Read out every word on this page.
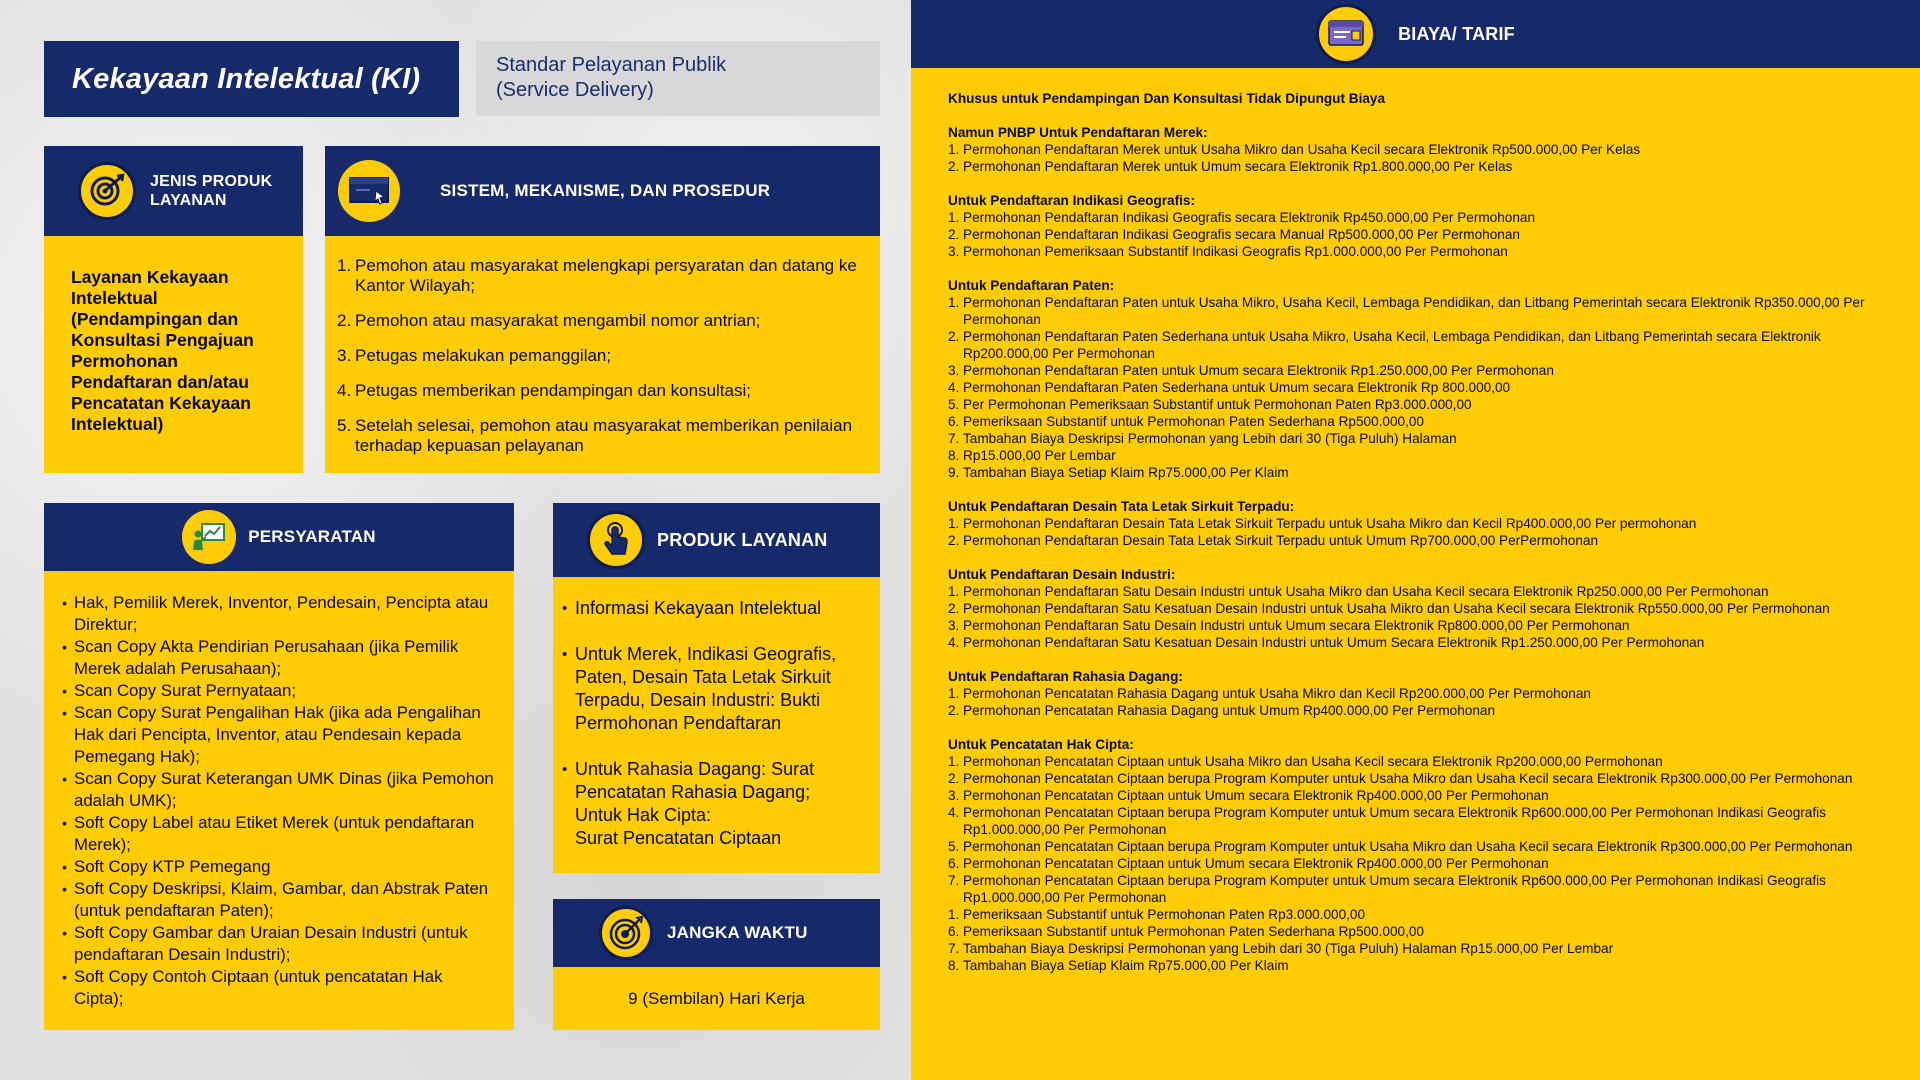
Kekayaan Intelektual (KI)	Standar Pelayanan Publik
(Service Delivery)
JENIS PRODUK
LAYANAN
Layanan Kekayaan Intelektual (Pendampingan dan Konsultasi Pengajuan Permohonan Pendaftaran dan/atau Pencatatan Kekayaan Intelektual)
SISTEM, MEKANISME, DAN PROSEDUR
1. Pemohon atau masyarakat melengkapi persyaratan dan datang ke Kantor Wilayah;
2. Pemohon atau masyarakat mengambil nomor antrian;
3. Petugas melakukan pemanggilan;
4. Petugas memberikan pendampingan dan konsultasi;
5. Setelah selesai, pemohon atau masyarakat memberikan penilaian terhadap kepuasan pelayanan
PERSYARATAN
• Hak, Pemilik Merek, Inventor, Pendesain, Pencipta atau Direktur;
• Scan Copy Akta Pendirian Perusahaan (jika Pemilik Merek adalah Perusahaan);
• Scan Copy Surat Pernyataan;
• Scan Copy Surat Pengalihan Hak (jika ada Pengalihan Hak dari Pencipta, Inventor, atau Pendesain kepada Pemegang Hak);
• Scan Copy Surat Keterangan UMK Dinas (jika Pemohon adalah UMK);
• Soft Copy Label atau Etiket Merek (untuk pendaftaran Merek);
• Soft Copy KTP Pemegang
• Soft Copy Deskripsi, Klaim, Gambar, dan Abstrak Paten (untuk pendaftaran Paten);
• Soft Copy Gambar dan Uraian Desain Industri (untuk pendaftaran Desain Industri);
• Soft Copy Contoh Ciptaan (untuk pencatatan Hak Cipta);
PRODUK LAYANAN
• Informasi Kekayaan Intelektual
• Untuk Merek, Indikasi Geografis, Paten, Desain Tata Letak Sirkuit Terpadu, Desain Industri: Bukti Permohonan Pendaftaran
• Untuk Rahasia Dagang: Surat Pencatatan Rahasia Dagang;
Untuk Hak Cipta:
Surat Pencatatan Ciptaan
JANGKA WAKTU
9 (Sembilan) Hari Kerja
BIAYA/ TARIF
Khusus untuk Pendampingan Dan Konsultasi Tidak Dipungut Biaya
Namun PNBP Untuk Pendaftaran Merek:
1. Permohonan Pendaftaran Merek untuk Usaha Mikro dan Usaha Kecil secara Elektronik Rp500.000,00 Per Kelas
2. Permohonan Pendaftaran Merek untuk Umum secara Elektronik Rp1.800.000,00 Per Kelas
Untuk Pendaftaran Indikasi Geografis:
1. Permohonan Pendaftaran Indikasi Geografis secara Elektronik Rp450.000,00 Per Permohonan
2. Permohonan Pendaftaran Indikasi Geografis secara Manual Rp500.000,00 Per Permohonan
3. Permohonan Pemeriksaan Substantif Indikasi Geografis Rp1.000.000,00 Per Permohonan
Untuk Pendaftaran Paten:
1. Permohonan Pendaftaran Paten untuk Usaha Mikro, Usaha Kecil, Lembaga Pendidikan, dan Litbang Pemerintah secara Elektronik Rp350.000,00 Per Permohonan
2. Permohonan Pendaftaran Paten Sederhana untuk Usaha Mikro, Usaha Kecil, Lembaga Pendidikan, dan Litbang Pemerintah secara Elektronik Rp200.000,00 Per Permohonan
3. Permohonan Pendaftaran Paten untuk Umum secara Elektronik Rp1.250.000,00 Per Permohonan
4. Permohonan Pendaftaran Paten Sederhana untuk Umum secara Elektronik Rp 800.000,00
5. Per Permohonan Pemeriksaan Substantif untuk Permohonan Paten Rp3.000.000,00
6. Pemeriksaan Substantif untuk Permohonan Paten Sederhana Rp500.000,00
7. Tambahan Biaya Deskripsi Permohonan yang Lebih dari 30 (Tiga Puluh) Halaman
8. Rp15.000,00 Per Lembar
9. Tambahan Biaya Setiap Klaim Rp75.000,00 Per Klaim
Untuk Pendaftaran Desain Tata Letak Sirkuit Terpadu:
1. Permohonan Pendaftaran Desain Tata Letak Sirkuit Terpadu untuk Usaha Mikro dan Kecil Rp400.000,00 Per permohonan
2. Permohonan Pendaftaran Desain Tata Letak Sirkuit Terpadu untuk Umum Rp700.000,00 PerPermohonan
Untuk Pendaftaran Desain Industri:
1. Permohonan Pendaftaran Satu Desain Industri untuk Usaha Mikro dan Usaha Kecil secara Elektronik Rp250.000,00 Per Permohonan
2. Permohonan Pendaftaran Satu Kesatuan Desain Industri untuk Usaha Mikro dan Usaha Kecil secara Elektronik Rp550.000,00 Per Permohonan
3. Permohonan Pendaftaran Satu Desain Industri untuk Umum secara Elektronik Rp800.000,00 Per Permohonan
4. Permohonan Pendaftaran Satu Kesatuan Desain Industri untuk Umum Secara Elektronik Rp1.250.000,00 Per Permohonan
Untuk Pendaftaran Rahasia Dagang:
1. Permohonan Pencatatan Rahasia Dagang untuk Usaha Mikro dan Kecil Rp200.000,00 Per Permohonan
2. Permohonan Pencatatan Rahasia Dagang untuk Umum Rp400.000,00 Per Permohonan
Untuk Pencatatan Hak Cipta:
1. Permohonan Pencatatan Ciptaan untuk Usaha Mikro dan Usaha Kecil secara Elektronik Rp200.000,00 Permohonan
2. Permohonan Pencatatan Ciptaan berupa Program Komputer untuk Usaha Mikro dan Usaha Kecil secara Elektronik Rp300.000,00 Per Permohonan
3. Permohonan Pencatatan Ciptaan untuk Umum secara Elektronik Rp400.000,00 Per Permohonan
4. Permohonan Pencatatan Ciptaan berupa Program Komputer untuk Umum secara Elektronik Rp600.000,00 Per Permohonan Indikasi Geografis Rp1.000.000,00 Per Permohonan
5. Permohonan Pencatatan Ciptaan berupa Program Komputer untuk Usaha Mikro dan Usaha Kecil secara Elektronik Rp300.000,00 Per Permohonan
6. Permohonan Pencatatan Ciptaan untuk Umum secara Elektronik Rp400.000,00 Per Permohonan
7. Permohonan Pencatatan Ciptaan berupa Program Komputer untuk Umum secara Elektronik Rp600.000,00 Per Permohonan Indikasi Geografis Rp1.000.000,00 Per Permohonan
1. Pemeriksaan Substantif untuk Permohonan Paten Rp3.000.000,00
6. Pemeriksaan Substantif untuk Permohonan Paten Sederhana Rp500.000,00
7. Tambahan Biaya Deskripsi Permohonan yang Lebih dari 30 (Tiga Puluh) Halaman Rp15.000,00 Per Lembar
8. Tambahan Biaya Setiap Klaim Rp75.000,00 Per Klaim
